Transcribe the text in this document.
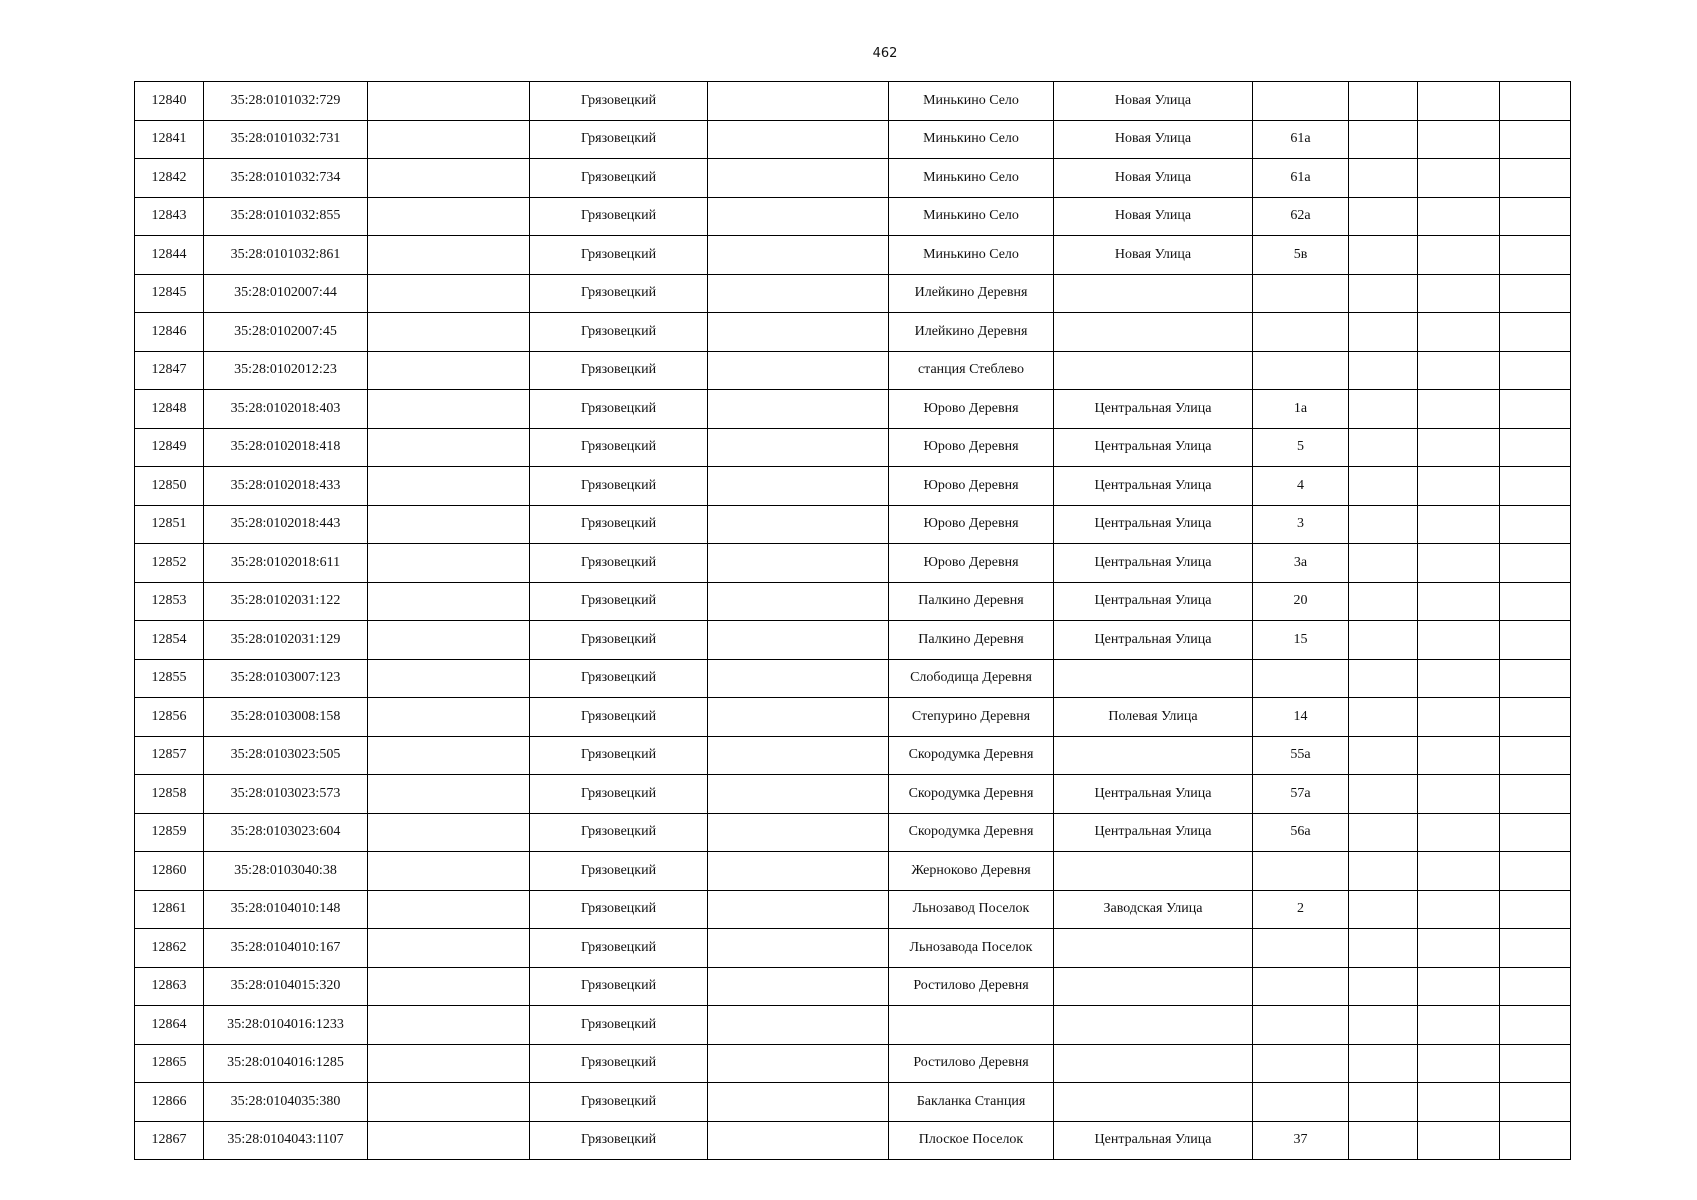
462
12840	35:28:0101032:729		Грязовецкий		Минькино Село	Новая Улица				
12841	35:28:0101032:731		Грязовецкий		Минькино Село	Новая Улица	61а			
12842	35:28:0101032:734		Грязовецкий		Минькино Село	Новая Улица	61а			
12843	35:28:0101032:855		Грязовецкий		Минькино Село	Новая Улица	62а			
12844	35:28:0101032:861		Грязовецкий		Минькино Село	Новая Улица	5в			
12845	35:28:0102007:44		Грязовецкий		Илейкино Деревня					
12846	35:28:0102007:45		Грязовецкий		Илейкино Деревня					
12847	35:28:0102012:23		Грязовецкий		станция Стеблево					
12848	35:28:0102018:403		Грязовецкий		Юрово Деревня	Центральная Улица	1а			
12849	35:28:0102018:418		Грязовецкий		Юрово Деревня	Центральная Улица	5			
12850	35:28:0102018:433		Грязовецкий		Юрово Деревня	Центральная Улица	4			
12851	35:28:0102018:443		Грязовецкий		Юрово Деревня	Центральная Улица	3			
12852	35:28:0102018:611		Грязовецкий		Юрово Деревня	Центральная Улица	3а			
12853	35:28:0102031:122		Грязовецкий		Палкино Деревня	Центральная Улица	20			
12854	35:28:0102031:129		Грязовецкий		Палкино Деревня	Центральная Улица	15			
12855	35:28:0103007:123		Грязовецкий		Слободища Деревня					
12856	35:28:0103008:158		Грязовецкий		Степурино Деревня	Полевая Улица	14			
12857	35:28:0103023:505		Грязовецкий		Скородумка Деревня		55а			
12858	35:28:0103023:573		Грязовецкий		Скородумка Деревня	Центральная Улица	57а			
12859	35:28:0103023:604		Грязовецкий		Скородумка Деревня	Центральная Улица	56а			
12860	35:28:0103040:38		Грязовецкий		Жерноково Деревня					
12861	35:28:0104010:148		Грязовецкий		Льнозавод Поселок	Заводская Улица	2			
12862	35:28:0104010:167		Грязовецкий		Льнозавода Поселок					
12863	35:28:0104015:320		Грязовецкий		Ростилово Деревня					
12864	35:28:0104016:1233		Грязовецкий							
12865	35:28:0104016:1285		Грязовецкий		Ростилово Деревня					
12866	35:28:0104035:380		Грязовецкий		Бакланка Станция					
12867	35:28:0104043:1107		Грязовецкий		Плоское Поселок	Центральная Улица	37			
